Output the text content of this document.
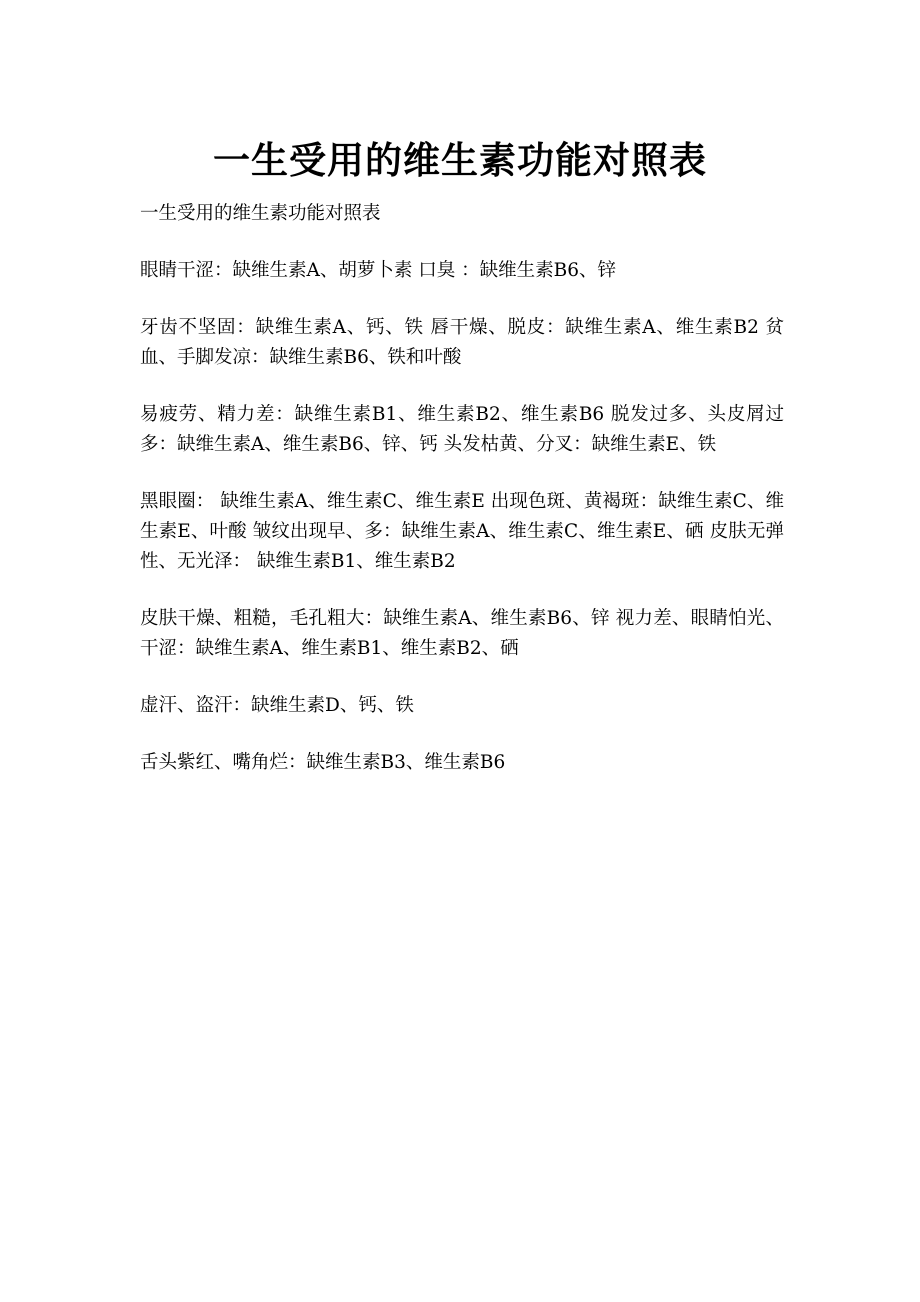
一生受用的维生素功能对照表

一生受用的维生素功能对照表

眼睛干涩：缺维生素A、胡萝卜素 口臭 ：缺维生素B6、锌

牙齿不坚固：缺维生素A、钙、铁 唇干燥、脱皮：缺维生素A、维生素B2 贫血、手脚发凉：缺维生素B6、铁和叶酸

易疲劳、精力差：缺维生素B1、维生素B2、维生素B6 脱发过多、头皮屑过多：缺维生素A、维生素B6、锌、钙 头发枯黄、分叉：缺维生素E、铁

黑眼圈： 缺维生素A、维生素C、维生素E 出现色斑、黄褐斑：缺维生素C、维生素E、叶酸 皱纹出现早、多：缺维生素A、维生素C、维生素E、硒 皮肤无弹性、无光泽： 缺维生素B1、维生素B2

皮肤干燥、粗糙，毛孔粗大：缺维生素A、维生素B6、锌 视力差、眼睛怕光、干涩：缺维生素A、维生素B1、维生素B2、硒

虚汗、盗汗：缺维生素D、钙、铁

舌头紫红、嘴角烂：缺维生素B3、维生素B6
